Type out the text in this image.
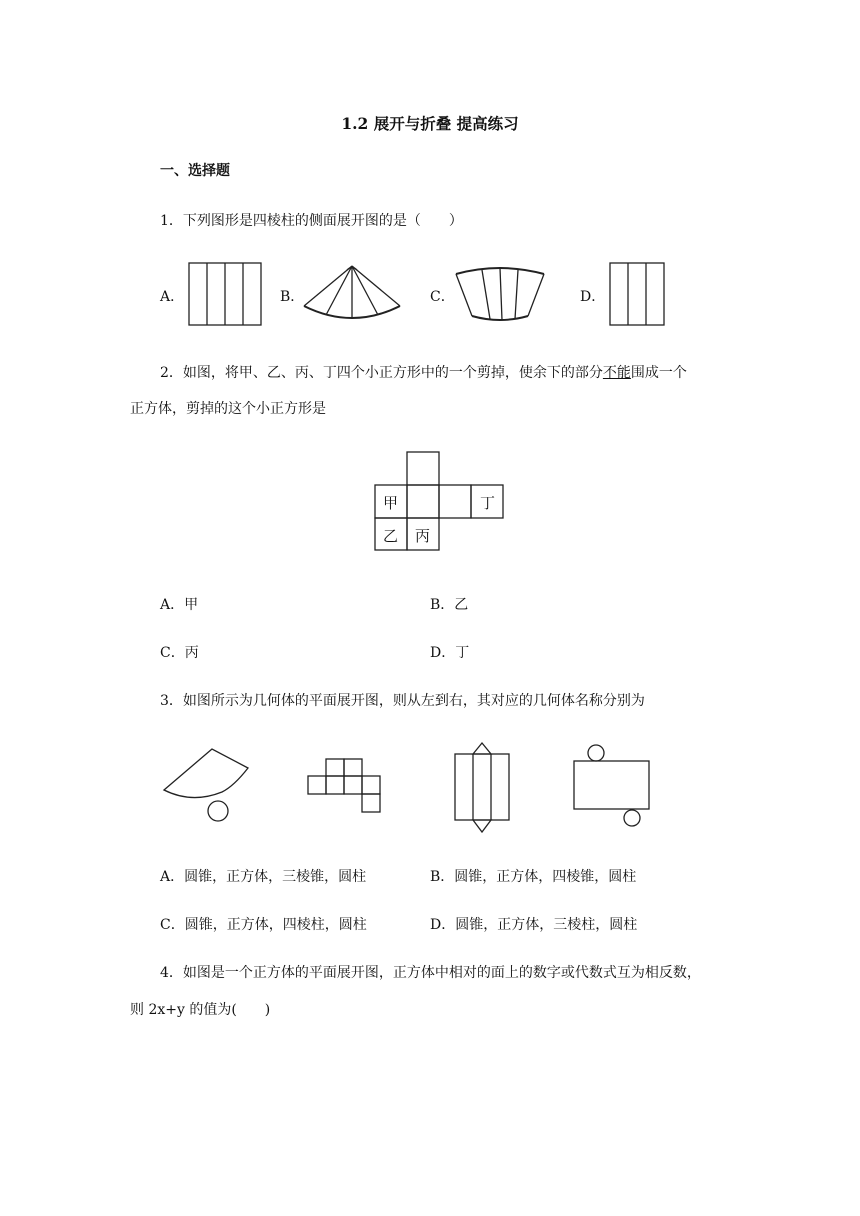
1.2 展开与折叠 提高练习
一、选择题
1．下列图形是四棱柱的侧面展开图的是（　　）
A．	B．	C．	D．
2．如图，将甲、乙、丙、丁四个小正方形中的一个剪掉，使余下的部分不能围成一个
正方体，剪掉的这个小正方形是
甲
乙 丙
丁
A．甲	B．乙
C．丙	D．丁
3．如图所示为几何体的平面展开图，则从左到右，其对应的几何体名称分别为
A．圆锥，正方体，三棱锥，圆柱	B．圆锥，正方体，四棱锥，圆柱
C．圆锥，正方体，四棱柱，圆柱	D．圆锥，正方体，三棱柱，圆柱
4．如图是一个正方体的平面展开图，正方体中相对的面上的数字或代数式互为相反数，
则 2x+y 的值为(　　)
